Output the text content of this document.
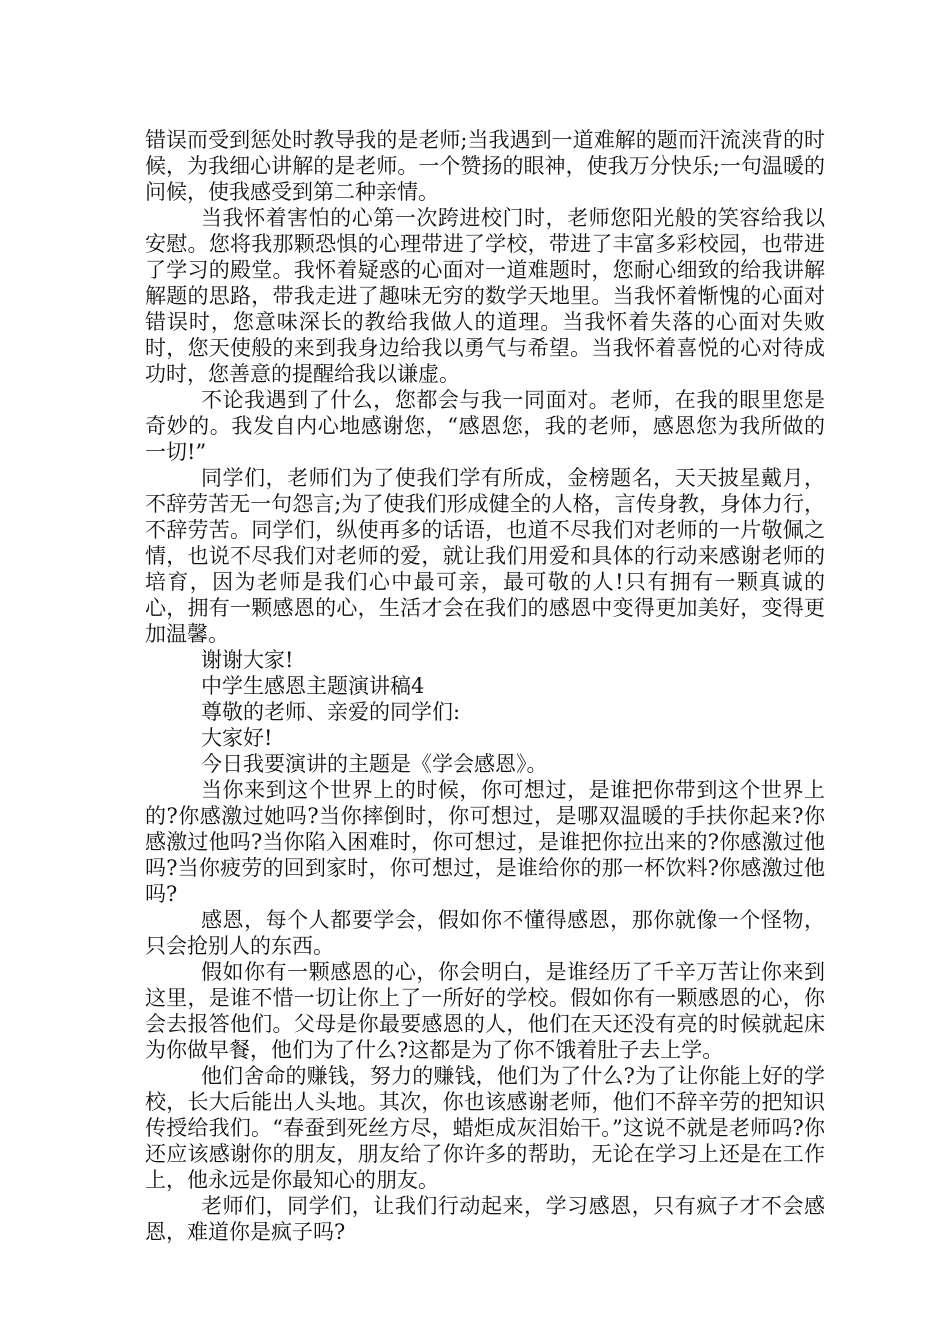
错误而受到惩处时教导我的是老师;当我遇到一道难解的题而汗流浃背的时候，为我细心讲解的是老师。一个赞扬的眼神，使我万分快乐;一句温暖的问候，使我感受到第二种亲情。

当我怀着害怕的心第一次跨进校门时，老师您阳光般的笑容给我以安慰。您将我那颗恐惧的心理带进了学校，带进了丰富多彩校园，也带进了学习的殿堂。我怀着疑惑的心面对一道难题时，您耐心细致的给我讲解解题的思路，带我走进了趣味无穷的数学天地里。当我怀着惭愧的心面对错误时，您意味深长的教给我做人的道理。当我怀着失落的心面对失败时，您天使般的来到我身边给我以勇气与希望。当我怀着喜悦的心对待成功时，您善意的提醒给我以谦虚。

不论我遇到了什么，您都会与我一同面对。老师，在我的眼里您是奇妙的。我发自内心地感谢您，“感恩您，我的老师，感恩您为我所做的一切!”

同学们，老师们为了使我们学有所成，金榜题名，天天披星戴月，不辞劳苦无一句怨言;为了使我们形成健全的人格，言传身教，身体力行，不辞劳苦。同学们，纵使再多的话语，也道不尽我们对老师的一片敬佩之情，也说不尽我们对老师的爱，就让我们用爱和具体的行动来感谢老师的培育，因为老师是我们心中最可亲，最可敬的人!只有拥有一颗真诚的心，拥有一颗感恩的心，生活才会在我们的感恩中变得更加美好，变得更加温馨。

谢谢大家!

中学生感恩主题演讲稿4

尊敬的老师、亲爱的同学们:

大家好!

今日我要演讲的主题是《学会感恩》。

当你来到这个世界上的时候，你可想过，是谁把你带到这个世界上的?你感激过她吗?当你摔倒时，你可想过，是哪双温暖的手扶你起来?你感激过他吗?当你陷入困难时，你可想过，是谁把你拉出来的?你感激过他吗?当你疲劳的回到家时，你可想过，是谁给你的那一杯饮料?你感激过他吗?

感恩，每个人都要学会，假如你不懂得感恩，那你就像一个怪物，只会抢别人的东西。

假如你有一颗感恩的心，你会明白，是谁经历了千辛万苦让你来到这里，是谁不惜一切让你上了一所好的学校。假如你有一颗感恩的心，你会去报答他们。父母是你最要感恩的人，他们在天还没有亮的时候就起床为你做早餐，他们为了什么?这都是为了你不饿着肚子去上学。

他们舍命的赚钱，努力的赚钱，他们为了什么?为了让你能上好的学校，长大后能出人头地。其次，你也该感谢老师，他们不辞辛劳的把知识传授给我们。“春蚕到死丝方尽，蜡炬成灰泪始干。”这说不就是老师吗?你还应该感谢你的朋友，朋友给了你许多的帮助，无论在学习上还是在工作上，他永远是你最知心的朋友。

老师们，同学们，让我们行动起来，学习感恩，只有疯子才不会感恩，难道你是疯子吗?
